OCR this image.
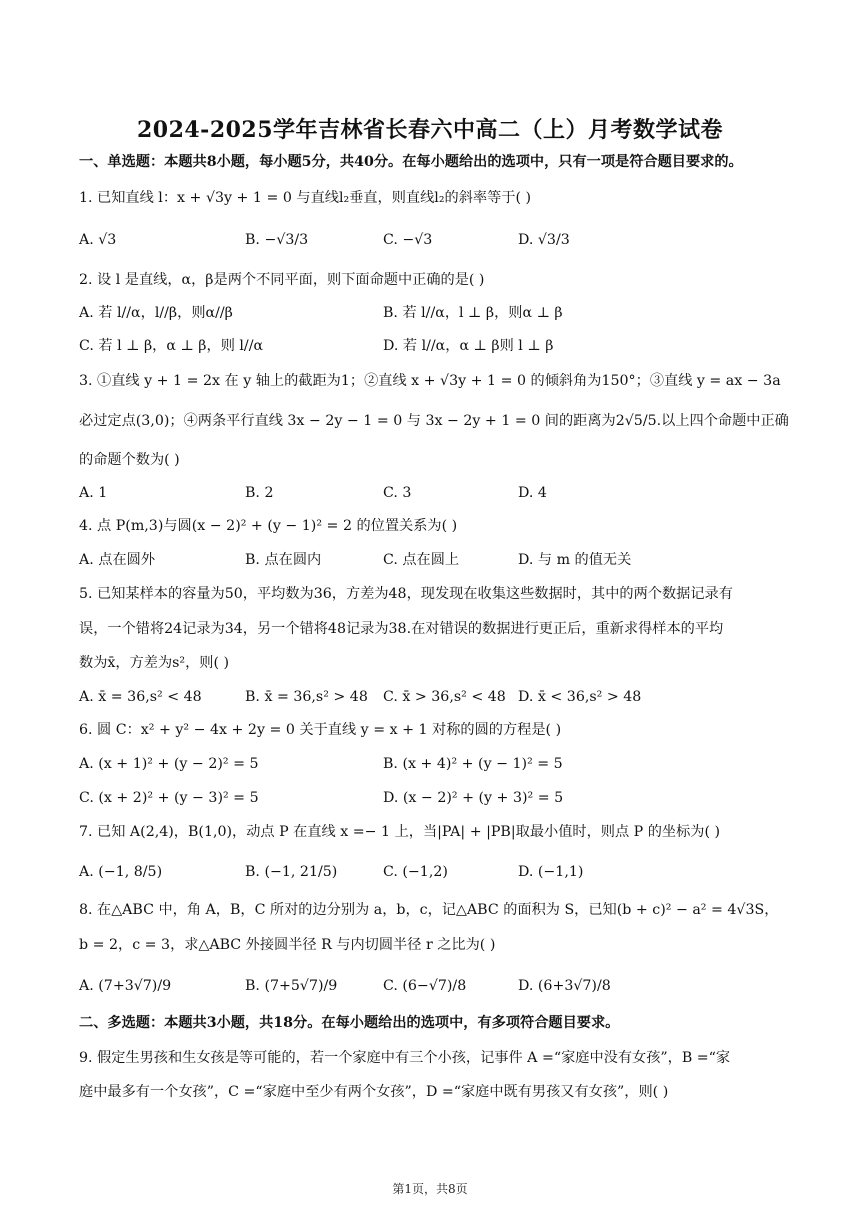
2024-2025学年吉林省长春六中高二（上）月考数学试卷
一、单选题：本题共8小题，每小题5分，共40分。在每小题给出的选项中，只有一项是符合题目要求的。
1. 已知直线 l：x + √3y + 1 = 0 与直线l₂垂直，则直线l₂的斜率等于( )
A. √3	B. −√3/3	C. −√3	D. √3/3
2. 设 l 是直线，α，β是两个不同平面，则下面命题中正确的是( )
A. 若 l//α，l//β，则α//β	B. 若 l//α，l ⊥ β，则α ⊥ β
C. 若 l ⊥ β，α ⊥ β，则 l//α	D. 若 l//α，α ⊥ β则 l ⊥ β
3. ①直线 y + 1 = 2x 在 y 轴上的截距为1；②直线 x + √3y + 1 = 0 的倾斜角为150°；③直线 y = ax − 3a
必过定点(3,0)；④两条平行直线 3x − 2y − 1 = 0 与 3x − 2y + 1 = 0 间的距离为2√5/5.以上四个命题中正确
的命题个数为( )
A. 1	B. 2	C. 3	D. 4
4. 点 P(m,3)与圆(x − 2)² + (y − 1)² = 2 的位置关系为( )
A. 点在圆外	B. 点在圆内	C. 点在圆上	D. 与 m 的值无关
5. 已知某样本的容量为50，平均数为36，方差为48，现发现在收集这些数据时，其中的两个数据记录有
误，一个错将24记录为34，另一个错将48记录为38.在对错误的数据进行更正后，重新求得样本的平均
数为x̄，方差为s²，则( )
A. x̄ = 36,s² < 48	B. x̄ = 36,s² > 48 C. x̄ > 36,s² < 48 D. x̄ < 36,s² > 48
6. 圆 C：x² + y² − 4x + 2y = 0 关于直线 y = x + 1 对称的圆的方程是( )
A. (x + 1)² + (y − 2)² = 5	B. (x + 4)² + (y − 1)² = 5
C. (x + 2)² + (y − 3)² = 5	D. (x − 2)² + (y + 3)² = 5
7. 已知 A(2,4)，B(1,0)，动点 P 在直线 x =− 1 上，当|PA| + |PB|取最小值时，则点 P 的坐标为( )
A. (−1, 8/5)	B. (−1, 21/5)	C. (−1,2)	D. (−1,1)
8. 在△ABC 中，角 A，B，C 所对的边分别为 a，b，c，记△ABC 的面积为 S，已知(b + c)² − a² = 4√3S，
b = 2，c = 3，求△ABC 外接圆半径 R 与内切圆半径 r 之比为( )
A. (7+3√7)/9	B. (7+5√7)/9	C. (6−√7)/8	D. (6+3√7)/8
二、多选题：本题共3小题，共18分。在每小题给出的选项中，有多项符合题目要求。
9. 假定生男孩和生女孩是等可能的，若一个家庭中有三个小孩，记事件 A =“家庭中没有女孩”，B =“家
庭中最多有一个女孩”，C =“家庭中至少有两个女孩”，D =“家庭中既有男孩又有女孩”，则( )
第1页，共8页
